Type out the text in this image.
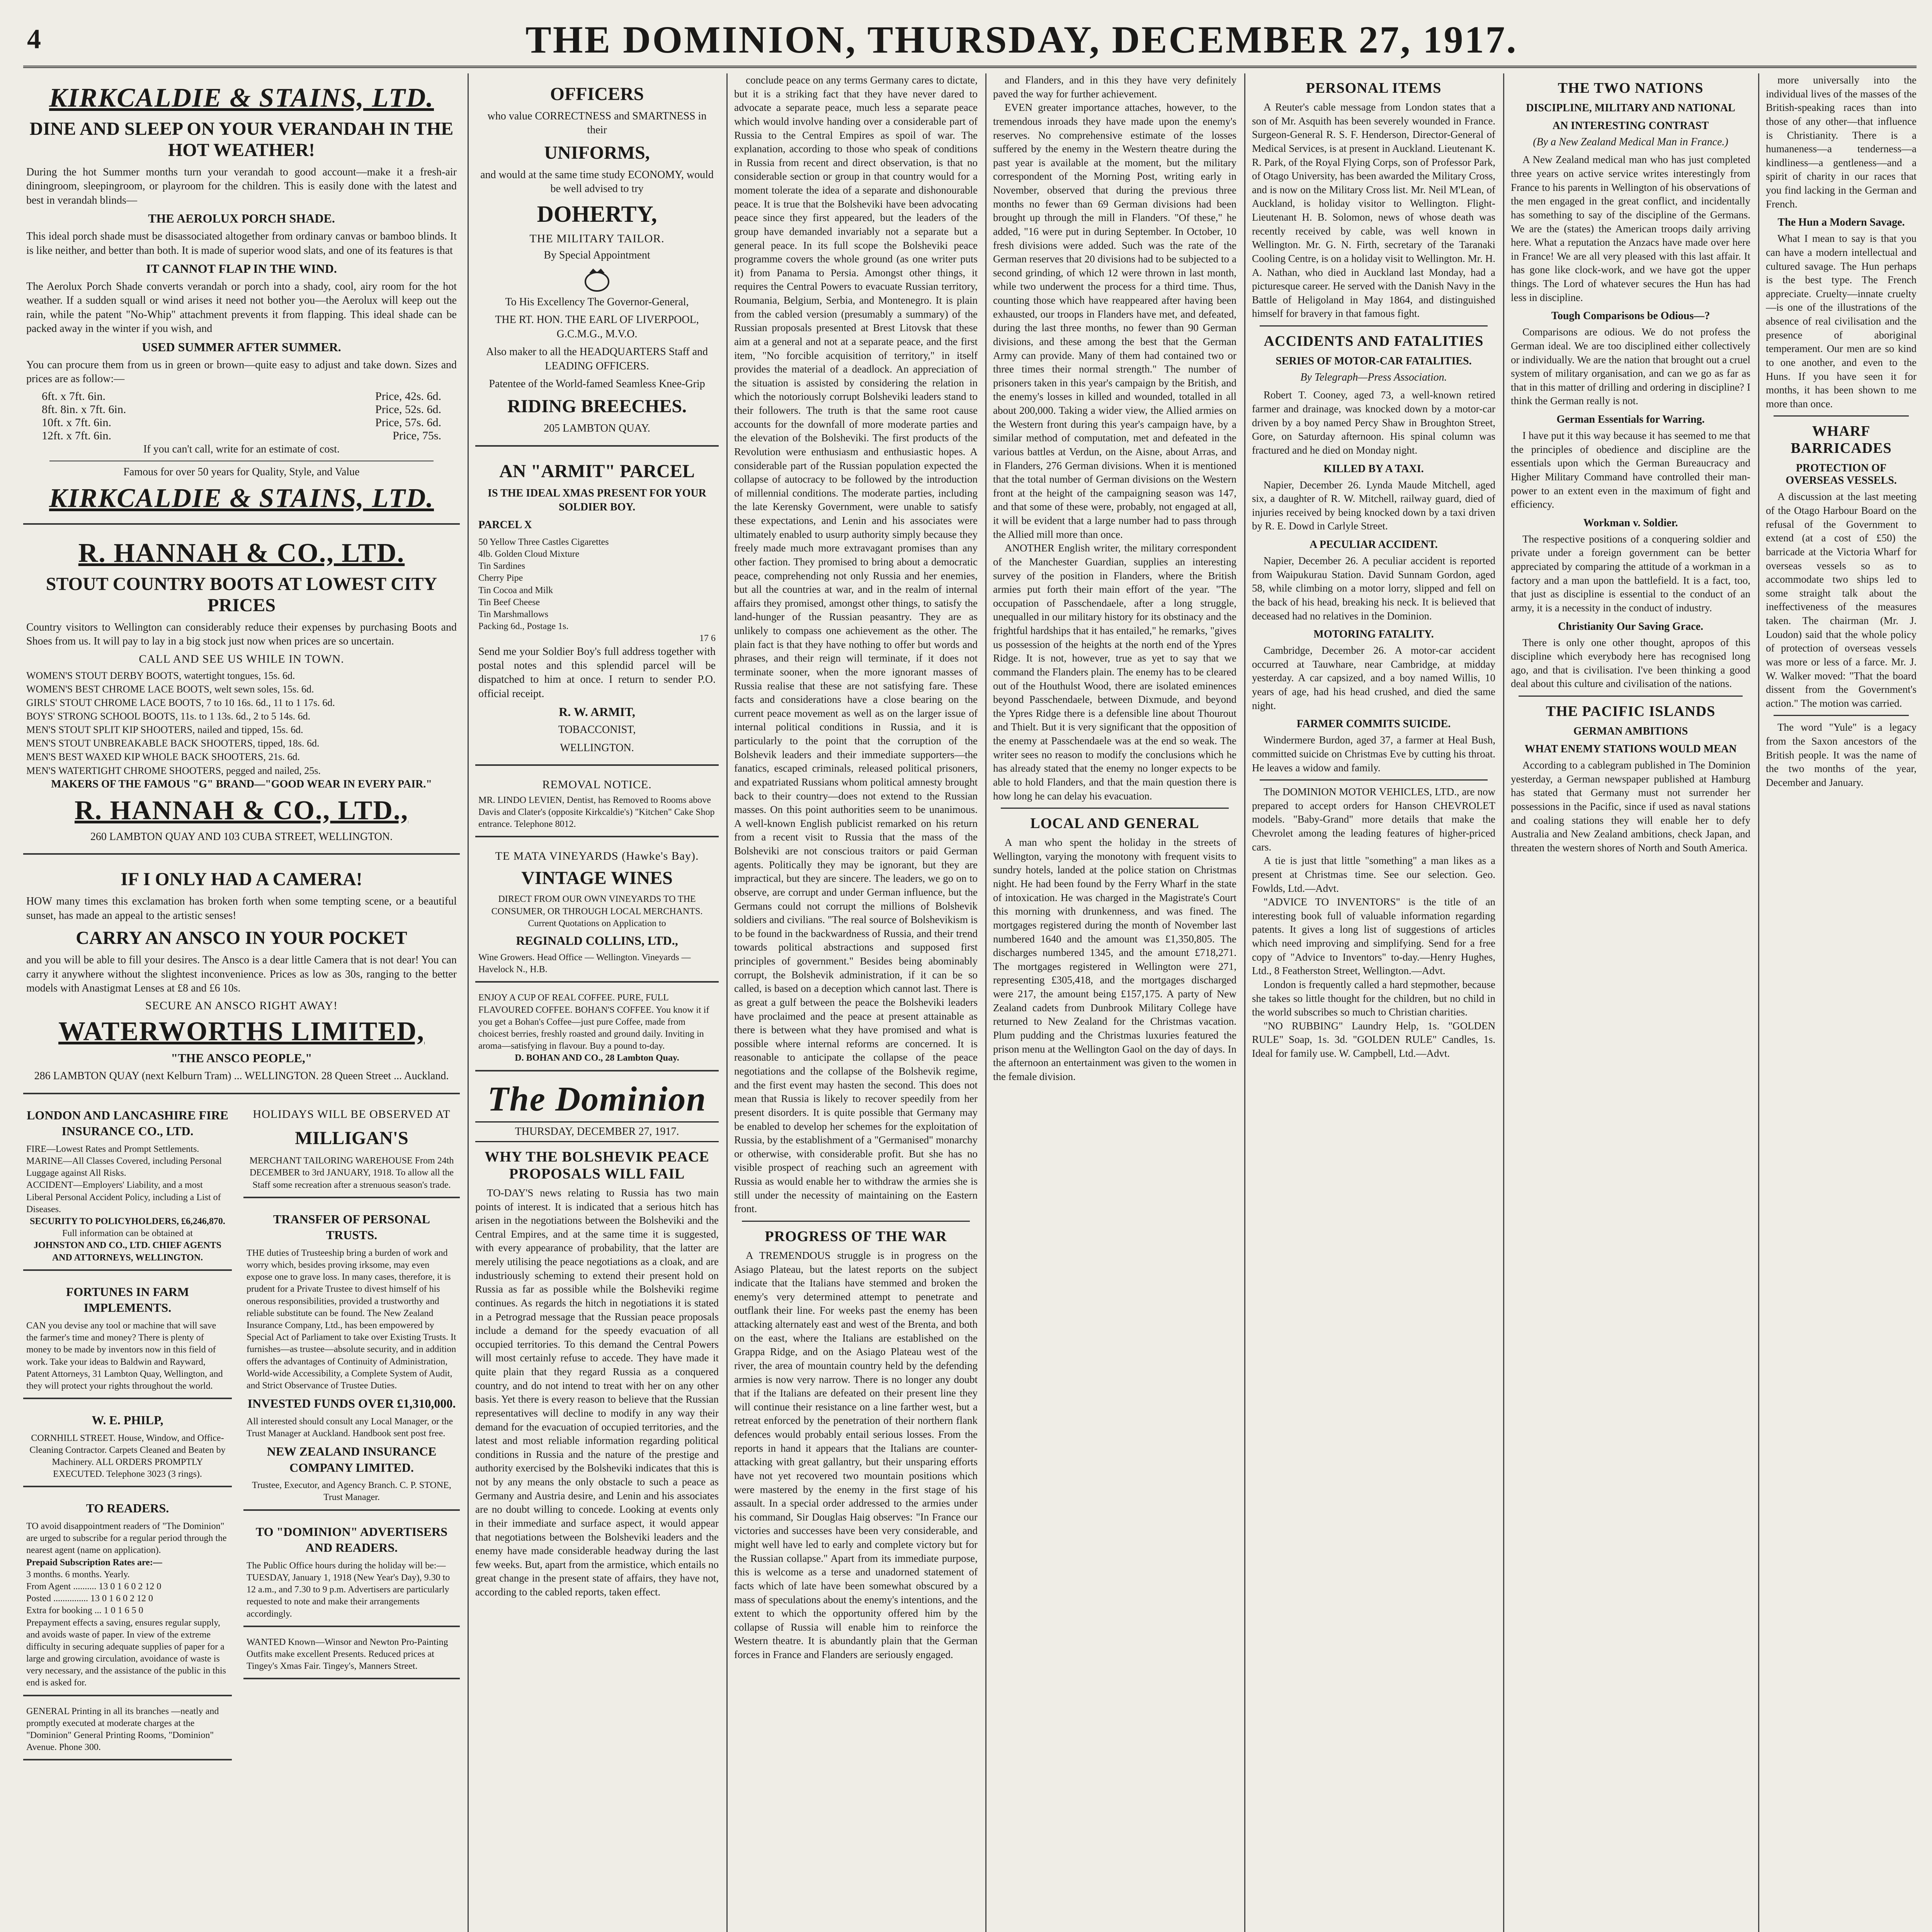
4	THE DOMINION, THURSDAY, DECEMBER 27, 1917.
KIRKCALDIE & STAINS, LTD.
DINE AND SLEEP ON YOUR VERANDAH IN THE HOT WEATHER!

During the hot Summer months turn your verandah to good account—make it a fresh-air diningroom, sleepingroom, or playroom for the children. This is easily done with the latest and best in verandah blinds—

THE AEROLUX PORCH SHADE.

This ideal porch shade must be disassociated altogether from ordinary canvas or bamboo blinds. It is like neither, and better than both. It is made of superior wood slats, and one of its features is that

IT CANNOT FLAP IN THE WIND.

The Aerolux Porch Shade converts verandah or porch into a shady, cool, airy room for the hot weather. If a sudden squall or wind arises it need not bother you—the Aerolux will keep out the rain, while the patent "No-Whip" attachment prevents it from flapping. This ideal shade can be packed away in the winter if you wish, and

USED SUMMER AFTER SUMMER.

You can procure them from us in green or brown—quite easy to adjust and take down. Sizes and prices are as follow:—

6ft. x 7ft. 6in.	Price, 42s. 6d.
8ft. 8in. x 7ft. 6in.	Price, 52s. 6d.
10ft. x 7ft. 6in.	Price, 57s. 6d.
12ft. x 7ft. 6in.	Price, 75s.

If you can't call, write for an estimate of cost.

Famous for over 50 years for Quality, Style, and Value

KIRKCALDIE & STAINS, LTD.
R. HANNAH & CO., LTD.
STOUT COUNTRY BOOTS AT LOWEST CITY PRICES

Country visitors to Wellington can considerably reduce their expenses by purchasing Boots and Shoes from us. It will pay to lay in a big stock just now when prices are so uncertain.

CALL AND SEE US WHILE IN TOWN.
WOMEN'S STOUT DERBY BOOTS, watertight tongues, 15s. 6d.
WOMEN'S BEST CHROME LACE BOOTS, welt sewn soles, 15s. 6d.
GIRLS' STOUT CHROME LACE BOOTS, 7 to 10 16s. 6d., 11 to 1 17s. 6d.
BOYS' STRONG SCHOOL BOOTS, 11s. to 1 13s. 6d., 2 to 5 14s. 6d.
MEN'S STOUT SPLIT KIP SHOOTERS, nailed and tipped, 15s. 6d.
MEN'S STOUT UNBREAKABLE BACK SHOOTERS, tipped, 18s. 6d.
MEN'S BEST WAXED KIP WHOLE BACK SHOOTERS, 21s. 6d.
MEN'S WATERTIGHT CHROME SHOOTERS, pegged and nailed, 25s.

MAKERS OF THE FAMOUS "G" BRAND—"GOOD WEAR IN EVERY PAIR."

R. HANNAH & CO., LTD.,

260 LAMBTON QUAY AND 103 CUBA STREET, WELLINGTON.

IF I ONLY HAD A CAMERA!

HOW many times this exclamation has broken forth when some tempting scene, or a beautiful sunset, has made an appeal to the artistic senses!

CARRY AN ANSCO IN YOUR POCKET

and you will be able to fill your desires. The Ansco is a dear little Camera that is not dear! You can carry it anywhere without the slightest inconvenience. Prices as low as 30s, ranging to the better models with Anastigmat Lenses at £8 and £6 10s.

SECURE AN ANSCO RIGHT AWAY!
WATERWORTHS LIMITED,
"THE ANSCO PEOPLE,"

286 LAMBTON QUAY (next Kelburn Tram) ... WELLINGTON. 28 Queen Street ... Auckland.

LONDON AND LANCASHIRE FIRE INSURANCE CO., LTD.

FIRE—Lowest Rates and Prompt Settlements.

MARINE—All Classes Covered, including Personal Luggage against All Risks.

ACCIDENT—Employers' Liability, and a most Liberal Personal Accident Policy, including a List of Diseases.

SECURITY TO POLICYHOLDERS, £6,246,870.

Full information can be obtained at

JOHNSTON AND CO., LTD. CHIEF AGENTS AND ATTORNEYS, WELLINGTON.

FORTUNES IN FARM IMPLEMENTS.

CAN you devise any tool or machine that will save the farmer's time and money? There is plenty of money to be made by inventors now in this field of work. Take your ideas to Baldwin and Rayward, Patent Attorneys, 31 Lambton Quay, Wellington, and they will protect your rights throughout the world.

W. E. PHILP,

CORNHILL STREET. House, Window, and Office-Cleaning Contractor. Carpets Cleaned and Beaten by Machinery. ALL ORDERS PROMPTLY EXECUTED. Telephone 3023 (3 rings).

TO READERS.

TO avoid disappointment readers of "The Dominion" are urged to subscribe for a regular period through the nearest agent (name on application).

Prepaid Subscription Rates are:—

3 months. 6 months. Yearly.

From Agent .......... 13 0 1 6 0 2 12 0

Posted ............... 13 0 1 6 0 2 12 0

Extra for booking ... 1 0 1 6 5 0

Prepayment effects a saving, ensures regular supply, and avoids waste of paper. In view of the extreme difficulty in securing adequate supplies of paper for a large and growing circulation, avoidance of waste is very necessary, and the assistance of the public in this end is asked for.

GENERAL Printing in all its branches —neatly and promptly executed at moderate charges at the "Dominion" General Printing Rooms, "Dominion" Avenue. Phone 300.

HOLIDAYS WILL BE OBSERVED AT
MILLIGAN'S

MERCHANT TAILORING WAREHOUSE From 24th DECEMBER to 3rd JANUARY, 1918. To allow all the Staff some recreation after a strenuous season's trade.

TRANSFER OF PERSONAL TRUSTS.

THE duties of Trusteeship bring a burden of work and worry which, besides proving irksome, may even expose one to grave loss. In many cases, therefore, it is prudent for a Private Trustee to divest himself of his onerous responsibilities, provided a trustworthy and reliable substitute can be found. The New Zealand Insurance Company, Ltd., has been empowered by Special Act of Parliament to take over Existing Trusts. It furnishes—as trustee—absolute security, and in addition offers the advantages of Continuity of Administration, World-wide Accessibility, a Complete System of Audit, and Strict Observance of Trustee Duties.

INVESTED FUNDS OVER £1,310,000.

All interested should consult any Local Manager, or the Trust Manager at Auckland. Handbook sent post free.

NEW ZEALAND INSURANCE COMPANY LIMITED.

Trustee, Executor, and Agency Branch. C. P. STONE, Trust Manager.

TO "DOMINION" ADVERTISERS AND READERS.

The Public Office hours during the holiday will be:— TUESDAY, January 1, 1918 (New Year's Day), 9.30 to 12 a.m., and 7.30 to 9 p.m. Advertisers are particularly requested to note and make their arrangements accordingly.

WANTED Known—Winsor and Newton Pro-Painting Outfits make excellent Presents. Reduced prices at Tingey's Xmas Fair. Tingey's, Manners Street.

OFFICERS

who value CORRECTNESS and SMARTNESS in their

UNIFORMS,

and would at the same time study ECONOMY, would be well advised to try

DOHERTY,
THE MILITARY TAILOR.

By Special Appointment

To His Excellency The Governor-General,

THE RT. HON. THE EARL OF LIVERPOOL, G.C.M.G., M.V.O.

Also maker to all the HEADQUARTERS Staff and LEADING OFFICERS.

Patentee of the World-famed Seamless Knee-Grip

RIDING BREECHES.

205 LAMBTON QUAY.

AN "ARMIT" PARCEL

IS THE IDEAL XMAS PRESENT FOR YOUR SOLDIER BOY.

PARCEL X

50 Yellow Three Castles Cigarettes

4lb. Golden Cloud Mixture

Tin Sardines

Cherry Pipe

Tin Cocoa and Milk

Tin Beef Cheese

Tin Marshmallows

Packing 6d., Postage 1s.

17 6

Send me your Soldier Boy's full address together with postal notes and this splendid parcel will be dispatched to him at once. I return to sender P.O. official receipt.

R. W. ARMIT,

TOBACCONIST,

WELLINGTON.

REMOVAL NOTICE.

MR. LINDO LEVIEN, Dentist, has Removed to Rooms above Davis and Clater's (opposite Kirkcaldie's) "Kitchen" Cake Shop entrance. Telephone 8012.

TE MATA VINEYARDS (Hawke's Bay).
VINTAGE WINES

DIRECT FROM OUR OWN VINEYARDS TO THE CONSUMER, OR THROUGH LOCAL MERCHANTS. Current Quotations on Application to

REGINALD COLLINS, LTD.,

Wine Growers. Head Office — Wellington. Vineyards — Havelock N., H.B.

ENJOY A CUP OF REAL COFFEE. PURE, FULL FLAVOURED COFFEE. BOHAN'S COFFEE. You know it if you get a Bohan's Coffee—just pure Coffee, made from choicest berries, freshly roasted and ground daily. Inviting in aroma—satisfying in flavour. Buy a pound to-day.

D. BOHAN AND CO., 28 Lambton Quay.

The Dominion

THURSDAY, DECEMBER 27, 1917.

WHY THE BOLSHEVIK PEACE PROPOSALS WILL FAIL

TO-DAY'S news relating to Russia has two main points of interest. It is indicated that a serious hitch has arisen in the negotiations between the Bolsheviki and the Central Empires, and at the same time it is suggested, with every appearance of probability, that the latter are merely utilising the peace negotiations as a cloak, and are industriously scheming to extend their present hold on Russia as far as possible while the Bolsheviki regime continues. As regards the hitch in negotiations it is stated in a Petrograd message that the Russian peace proposals include a demand for the speedy evacuation of all occupied territories. To this demand the Central Powers will most certainly refuse to accede. They have made it quite plain that they regard Russia as a conquered country, and do not intend to treat with her on any other basis. Yet there is every reason to believe that the Russian representatives will decline to modify in any way their demand for the evacuation of occupied territories, and the latest and most reliable information regarding political conditions in Russia and the nature of the prestige and authority exercised by the Bolsheviki indicates that this is not by any means the only obstacle to such a peace as Germany and Austria desire, and Lenin and his associates are no doubt willing to concede. Looking at events only in their immediate and surface aspect, it would appear that negotiations between the Bolsheviki leaders and the enemy have made considerable headway during the last few weeks. But, apart from the armistice, which entails no great change in the present state of affairs, they have not, according to the cabled reports, taken effect.

conclude peace on any terms Germany cares to dictate, but it is a striking fact that they have never dared to advocate a separate peace, much less a separate peace which would involve handing over a considerable part of Russia to the Central Empires as spoil of war. The explanation, according to those who speak of conditions in Russia from recent and direct observation, is that no considerable section or group in that country would for a moment tolerate the idea of a separate and dishonourable peace. It is true that the Bolsheviki have been advocating peace since they first appeared, but the leaders of the group have demanded invariably not a separate but a general peace. In its full scope the Bolsheviki peace programme covers the whole ground (as one writer puts it) from Panama to Persia. Amongst other things, it requires the Central Powers to evacuate Russian territory, Roumania, Belgium, Serbia, and Montenegro. It is plain from the cabled version (presumably a summary) of the Russian proposals presented at Brest Litovsk that these aim at a general and not at a separate peace, and the first item, "No forcible acquisition of territory," in itself provides the material of a deadlock. An appreciation of the situation is assisted by considering the relation in which the notoriously corrupt Bolsheviki leaders stand to their followers. The truth is that the same root cause accounts for the downfall of more moderate parties and the elevation of the Bolsheviki. The first products of the Revolution were enthusiasm and enthusiastic hopes. A considerable part of the Russian population expected the collapse of autocracy to be followed by the introduction of millennial conditions. The moderate parties, including the late Kerensky Government, were unable to satisfy these expectations, and Lenin and his associates were ultimately enabled to usurp authority simply because they freely made much more extravagant promises than any other faction. They promised to bring about a democratic peace, comprehending not only Russia and her enemies, but all the countries at war, and in the realm of internal affairs they promised, amongst other things, to satisfy the land-hunger of the Russian peasantry. They are as unlikely to compass one achievement as the other. The plain fact is that they have nothing to offer but words and phrases, and their reign will terminate, if it does not terminate sooner, when the more ignorant masses of Russia realise that these are not satisfying fare. These facts and considerations have a close bearing on the current peace movement as well as on the larger issue of internal political conditions in Russia, and it is particularly to the point that the corruption of the Bolshevik leaders and their immediate supporters—the fanatics, escaped criminals, released political prisoners, and expatriated Russians whom political amnesty brought back to their country—does not extend to the Russian masses. On this point authorities seem to be unanimous. A well-known English publicist remarked on his return from a recent visit to Russia that the mass of the Bolsheviki are not conscious traitors or paid German agents. Politically they may be ignorant, but they are impractical, but they are sincere. The leaders, we go on to observe, are corrupt and under German influence, but the Germans could not corrupt the millions of Bolshevik soldiers and civilians. "The real source of Bolshevikism is to be found in the backwardness of Russia, and their trend towards political abstractions and supposed first principles of government." Besides being abominably corrupt, the Bolshevik administration, if it can be so called, is based on a deception which cannot last. There is as great a gulf between the peace the Bolsheviki leaders have proclaimed and the peace at present attainable as there is between what they have promised and what is possible where internal reforms are concerned. It is reasonable to anticipate the collapse of the peace negotiations and the collapse of the Bolshevik regime, and the first event may hasten the second. This does not mean that Russia is likely to recover speedily from her present disorders. It is quite possible that Germany may be enabled to develop her schemes for the exploitation of Russia, by the establishment of a "Germanised" monarchy or otherwise, with considerable profit. But she has no visible prospect of reaching such an agreement with Russia as would enable her to withdraw the armies she is still under the necessity of maintaining on the Eastern front.

PROGRESS OF THE WAR

A TREMENDOUS struggle is in progress on the Asiago Plateau, but the latest reports on the subject indicate that the Italians have stemmed and broken the enemy's very determined attempt to penetrate and outflank their line. For weeks past the enemy has been attacking alternately east and west of the Brenta, and both on the east, where the Italians are established on the Grappa Ridge, and on the Asiago Plateau west of the river, the area of mountain country held by the defending armies is now very narrow. There is no longer any doubt that if the Italians are defeated on their present line they will continue their resistance on a line farther west, but a retreat enforced by the penetration of their northern flank defences would probably entail serious losses. From the reports in hand it appears that the Italians are counter-attacking with great gallantry, but their unsparing efforts have not yet recovered two mountain positions which were mastered by the enemy in the first stage of his assault. In a special order addressed to the armies under his command, Sir Douglas Haig observes: "In France our victories and successes have been very considerable, and might well have led to early and complete victory but for the Russian collapse." Apart from its immediate purpose, this is welcome as a terse and unadorned statement of facts which of late have been somewhat obscured by a mass of speculations about the enemy's intentions, and the extent to which the opportunity offered him by the collapse of Russia will enable him to reinforce the Western theatre. It is abundantly plain that the German forces in France and Flanders are seriously engaged.

and Flanders, and in this they have very definitely paved the way for further achievement.

EVEN greater importance attaches, however, to the tremendous inroads they have made upon the enemy's reserves. No comprehensive estimate of the losses suffered by the enemy in the Western theatre during the past year is available at the moment, but the military correspondent of the Morning Post, writing early in November, observed that during the previous three months no fewer than 69 German divisions had been brought up through the mill in Flanders. "Of these," he added, "16 were put in during September. In October, 10 fresh divisions were added. Such was the rate of the German reserves that 20 divisions had to be subjected to a second grinding, of which 12 were thrown in last month, while two underwent the process for a third time. Thus, counting those which have reappeared after having been exhausted, our troops in Flanders have met, and defeated, during the last three months, no fewer than 90 German divisions, and these among the best that the German Army can provide. Many of them had contained two or three times their normal strength." The number of prisoners taken in this year's campaign by the British, and the enemy's losses in killed and wounded, totalled in all about 200,000. Taking a wider view, the Allied armies on the Western front during this year's campaign have, by a similar method of computation, met and defeated in the various battles at Verdun, on the Aisne, about Arras, and in Flanders, 276 German divisions. When it is mentioned that the total number of German divisions on the Western front at the height of the campaigning season was 147, and that some of these were, probably, not engaged at all, it will be evident that a large number had to pass through the Allied mill more than once.

ANOTHER English writer, the military correspondent of the Manchester Guardian, supplies an interesting survey of the position in Flanders, where the British armies put forth their main effort of the year. "The occupation of Passchendaele, after a long struggle, unequalled in our military history for its obstinacy and the frightful hardships that it has entailed," he remarks, "gives us possession of the heights at the north end of the Ypres Ridge. It is not, however, true as yet to say that we command the Flanders plain. The enemy has to be cleared out of the Houthulst Wood, there are isolated eminences beyond Passchendaele, between Dixmude, and beyond the Ypres Ridge there is a defensible line about Thourout and Thielt. But it is very significant that the opposition of the enemy at Passchendaele was at the end so weak. The writer sees no reason to modify the conclusions which he has already stated that the enemy no longer expects to be able to hold Flanders, and that the main question there is how long he can delay his evacuation.

LOCAL AND GENERAL

A man who spent the holiday in the streets of Wellington, varying the monotony with frequent visits to sundry hotels, landed at the police station on Christmas night. He had been found by the Ferry Wharf in the state of intoxication. He was charged in the Magistrate's Court this morning with drunkenness, and was fined. The mortgages registered during the month of November last numbered 1640 and the amount was £1,350,805. The discharges numbered 1345, and the amount £718,271. The mortgages registered in Wellington were 271, representing £305,418, and the mortgages discharged were 217, the amount being £157,175. A party of New Zealand cadets from Dunbrook Military College have returned to New Zealand for the Christmas vacation. Plum pudding and the Christmas luxuries featured the prison menu at the Wellington Gaol on the day of days. In the afternoon an entertainment was given to the women in the female division.

PERSONAL ITEMS

A Reuter's cable message from London states that a son of Mr. Asquith has been severely wounded in France. Surgeon-General R. S. F. Henderson, Director-General of Medical Services, is at present in Auckland. Lieutenant K. R. Park, of the Royal Flying Corps, son of Professor Park, of Otago University, has been awarded the Military Cross, and is now on the Military Cross list. Mr. Neil M'Lean, of Auckland, is holiday visitor to Wellington. Flight-Lieutenant H. B. Solomon, news of whose death was recently received by cable, was well known in Wellington. Mr. G. N. Firth, secretary of the Taranaki Cooling Centre, is on a holiday visit to Wellington. Mr. H. A. Nathan, who died in Auckland last Monday, had a picturesque career. He served with the Danish Navy in the Battle of Heligoland in May 1864, and distinguished himself for bravery in that famous fight.

ACCIDENTS AND FATALITIES
SERIES OF MOTOR-CAR FATALITIES.

By Telegraph—Press Association.

Robert T. Cooney, aged 73, a well-known retired farmer and drainage, was knocked down by a motor-car driven by a boy named Percy Shaw in Broughton Street, Gore, on Saturday afternoon. His spinal column was fractured and he died on Monday night.

KILLED BY A TAXI.

Napier, December 26. Lynda Maude Mitchell, aged six, a daughter of R. W. Mitchell, railway guard, died of injuries received by being knocked down by a taxi driven by R. E. Dowd in Carlyle Street.

A PECULIAR ACCIDENT.

Napier, December 26. A peculiar accident is reported from Waipukurau Station. David Sunnam Gordon, aged 58, while climbing on a motor lorry, slipped and fell on the back of his head, breaking his neck. It is believed that deceased had no relatives in the Dominion.

MOTORING FATALITY.

Cambridge, December 26. A motor-car accident occurred at Tauwhare, near Cambridge, at midday yesterday. A car capsized, and a boy named Willis, 10 years of age, had his head crushed, and died the same night.

FARMER COMMITS SUICIDE.

Windermere Burdon, aged 37, a farmer at Heal Bush, committed suicide on Christmas Eve by cutting his throat. He leaves a widow and family.

The DOMINION MOTOR VEHICLES, LTD., are now prepared to accept orders for Hanson CHEVROLET models. "Baby-Grand" more details that make the Chevrolet among the leading features of higher-priced cars.

A tie is just that little "something" a man likes as a present at Christmas time. See our selection. Geo. Fowlds, Ltd.—Advt.

"ADVICE TO INVENTORS" is the title of an interesting book full of valuable information regarding patents. It gives a long list of suggestions of articles which need improving and simplifying. Send for a free copy of "Advice to Inventors" to-day.—Henry Hughes, Ltd., 8 Featherston Street, Wellington.—Advt.

London is frequently called a hard stepmother, because she takes so little thought for the children, but no child in the world subscribes so much to Christian charities.

"NO RUBBING" Laundry Help, 1s. "GOLDEN RULE" Soap, 1s. 3d. "GOLDEN RULE" Candles, 1s. Ideal for family use. W. Campbell, Ltd.—Advt.

THE TWO NATIONS
DISCIPLINE, MILITARY AND NATIONAL
AN INTERESTING CONTRAST

(By a New Zealand Medical Man in France.)

A New Zealand medical man who has just completed three years on active service writes interestingly from France to his parents in Wellington of his observations of the men engaged in the great conflict, and incidentally has something to say of the discipline of the Germans. We are the (states) the American troops daily arriving here. What a reputation the Anzacs have made over here in France! We are all very pleased with this last affair. It has gone like clock-work, and we have got the upper things. The Lord of whatever secures the Hun has had less in discipline.

Tough Comparisons be Odious—?

Comparisons are odious. We do not profess the German ideal. We are too disciplined either collectively or individually. We are the nation that brought out a cruel system of military organisation, and can we go as far as that in this matter of drilling and ordering in discipline? I think the German really is not.

German Essentials for Warring.

I have put it this way because it has seemed to me that the principles of obedience and discipline are the essentials upon which the German Bureaucracy and Higher Military Command have controlled their man-power to an extent even in the maximum of fight and efficiency.

Workman v. Soldier.

The respective positions of a conquering soldier and private under a foreign government can be better appreciated by comparing the attitude of a workman in a factory and a man upon the battlefield. It is a fact, too, that just as discipline is essential to the conduct of an army, it is a necessity in the conduct of industry.

Christianity Our Saving Grace.

There is only one other thought, apropos of this discipline which everybody here has recognised long ago, and that is civilisation. I've been thinking a good deal about this culture and civilisation of the nations.

THE PACIFIC ISLANDS
GERMAN AMBITIONS
WHAT ENEMY STATIONS WOULD MEAN

According to a cablegram published in The Dominion yesterday, a German newspaper published at Hamburg has stated that Germany must not surrender her possessions in the Pacific, since if used as naval stations and coaling stations they will enable her to defy Australia and New Zealand ambitions, check Japan, and threaten the western shores of North and South America.

more universally into the individual lives of the masses of the British-speaking races than into those of any other—that influence is Christianity. There is a humaneness—a tenderness—a kindliness—a gentleness—and a spirit of charity in our races that you find lacking in the German and French.

The Hun a Modern Savage.

What I mean to say is that you can have a modern intellectual and cultured savage. The Hun perhaps is the best type. The French appreciate. Cruelty—innate cruelty—is one of the illustrations of the absence of real civilisation and the presence of aboriginal temperament. Our men are so kind to one another, and even to the Huns. If you have seen it for months, it has been shown to me more than once.

WHARF BARRICADES
PROTECTION OF OVERSEAS VESSELS.

A discussion at the last meeting of the Otago Harbour Board on the refusal of the Government to extend (at a cost of £50) the barricade at the Victoria Wharf for overseas vessels so as to accommodate two ships led to some straight talk about the ineffectiveness of the measures taken. The chairman (Mr. J. Loudon) said that the whole policy of protection of overseas vessels was more or less of a farce. Mr. J. W. Walker moved: "That the board dissent from the Government's action." The motion was carried.

The word "Yule" is a legacy from the Saxon ancestors of the British people. It was the name of the two months of the year, December and January.
